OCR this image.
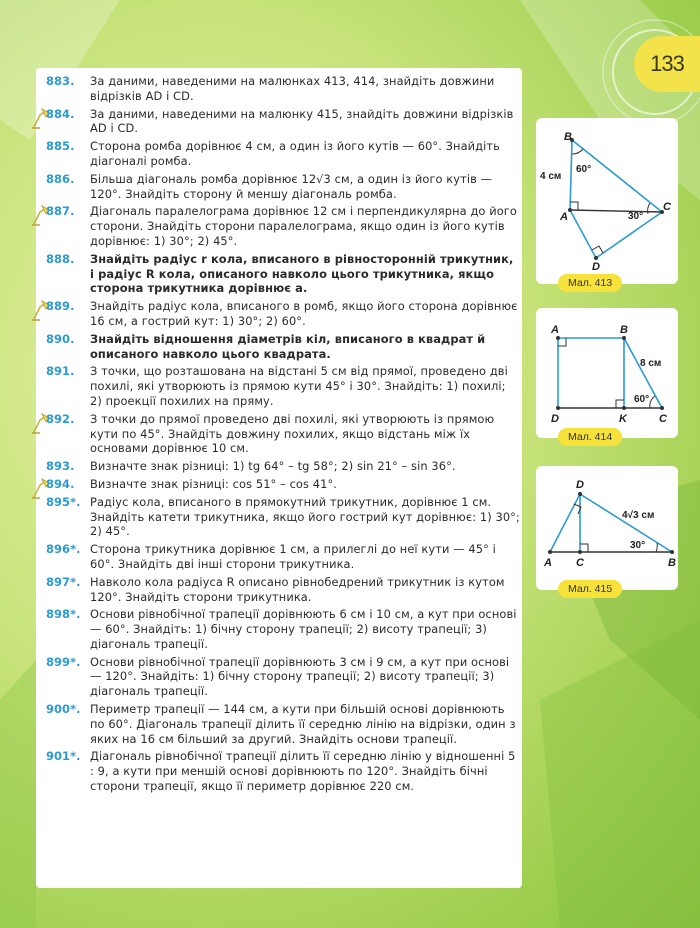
133
883. За даними, наведеними на малюнках 413, 414, знайдіть довжини відрізків AD і CD.
884. За даними, наведеними на малюнку 415, знайдіть довжини відрізків AD і CD.
885. Сторона ромба дорівнює 4 см, а один із його кутів — 60°. Знайдіть діагоналі ромба.
886. Більша діагональ ромба дорівнює 12√3 см, а один із його кутів — 120°. Знайдіть сторону й меншу діагональ ромба.
887. Діагональ паралелограма дорівнює 12 см і перпендикулярна до його сторони. Знайдіть сторони паралелограма, якщо один із його кутів дорівнює: 1) 30°; 2) 45°.
888. Знайдіть радіус r кола, вписаного в рівносторонній трикутник, і радіус R кола, описаного навколо цього трикутника, якщо сторона трикутника дорівнює a.
889. Знайдіть радіус кола, вписаного в ромб, якщо його сторона дорівнює 16 см, а гострий кут: 1) 30°; 2) 60°.
890. Знайдіть відношення діаметрів кіл, вписаного в квадрат й описаного навколо цього квадрата.
891. З точки, що розташована на відстані 5 см від прямої, проведено дві похилі, які утворюють із прямою кути 45° і 30°. Знайдіть: 1) похилі; 2) проекції похилих на пряму.
892. З точки до прямої проведено дві похилі, які утворюють із прямою кути по 45°. Знайдіть довжину похилих, якщо відстань між їх основами дорівнює 10 см.
893. Визначте знак різниці: 1) tg 64° – tg 58°; 2) sin 21° – sin 36°.
894. Визначте знак різниці: cos 51° – cos 41°.
895*. Радіус кола, вписаного в прямокутний трикутник, дорівнює 1 см. Знайдіть катети трикутника, якщо його гострий кут дорівнює: 1) 30°; 2) 45°.
896*. Сторона трикутника дорівнює 1 см, а прилеглі до неї кути — 45° і 60°. Знайдіть дві інші сторони трикутника.
897*. Навколо кола радіуса R описано рівнобедрений трикутник із кутом 120°. Знайдіть сторони трикутника.
898*. Основи рівнобічної трапеції дорівнюють 6 см і 10 см, а кут при основі — 60°. Знайдіть: 1) бічну сторону трапеції; 2) висоту трапеції; 3) діагональ трапеції.
899*. Основи рівнобічної трапеції дорівнюють 3 см і 9 см, а кут при основі — 120°. Знайдіть: 1) бічну сторону трапеції; 2) висоту трапеції; 3) діагональ трапеції.
900*. Периметр трапеції — 144 см, а кути при більшій основі дорівнюють по 60°. Діагональ трапеції ділить її середню лінію на відрізки, один з яких на 16 см більший за другий. Знайдіть основи трапеції.
901*. Діагональ рівнобічної трапеції ділить її середню лінію у відношенні 5 : 9, а кути при меншій основі дорівнюють по 120°. Знайдіть бічні сторони трапеції, якщо її периметр дорівнює 220 см.
B
A
C
D
4 см
60°
30°
Мал. 413
A	B
D	K	C
8 см
60°
Мал. 414
D
A C	B
4√3 см
30°
Мал. 415
